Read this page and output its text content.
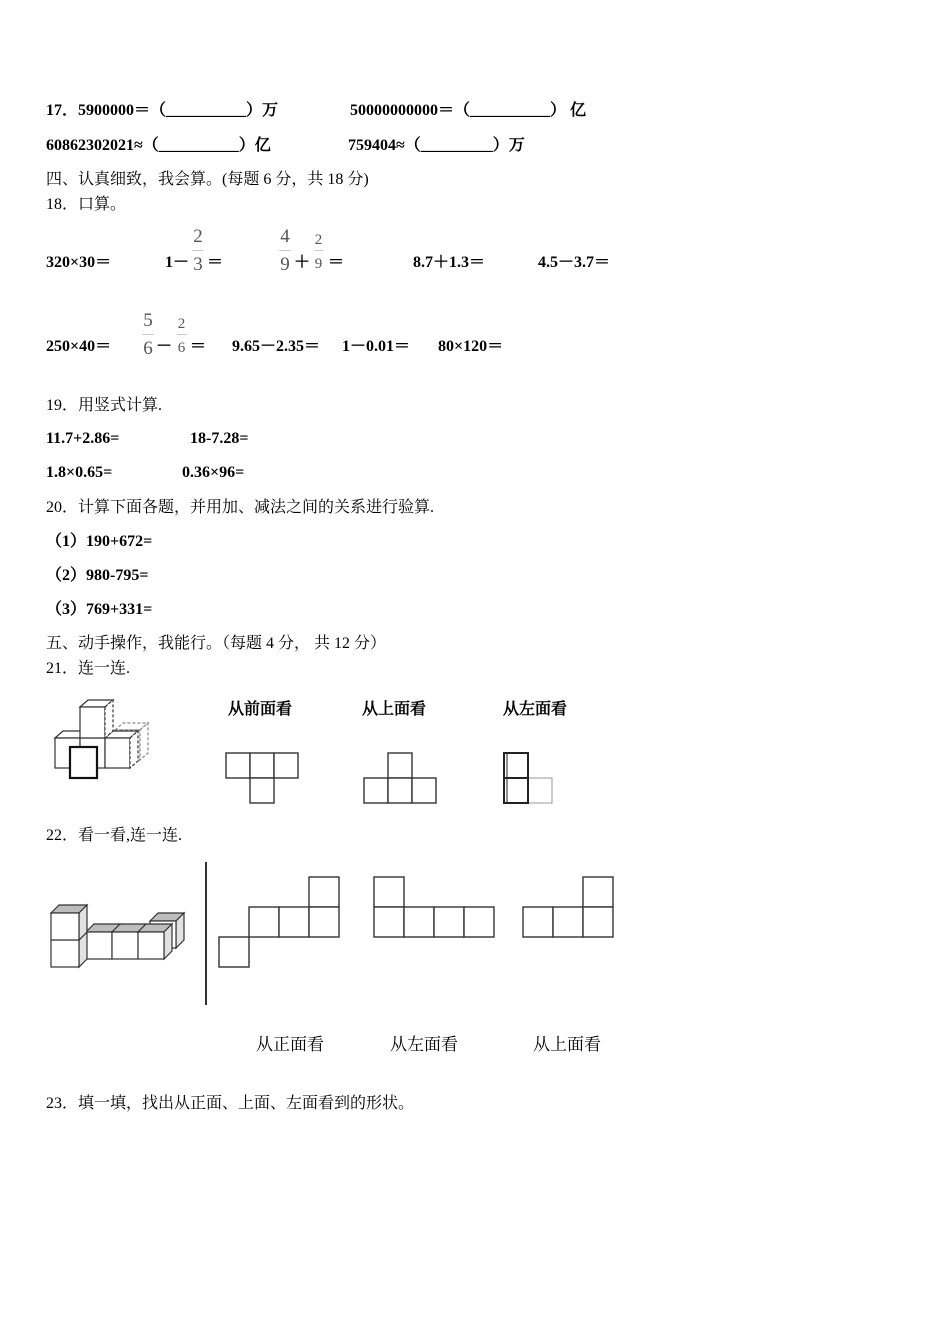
17．5900000＝（__________）万	50000000000＝（__________） 亿
60862302021≈（__________）亿	759404≈（_________）万
四、认真细致，我会算。(每题 6 分，共 18 分)
18．口算。
320×30＝	1－
2
3 ＝
4
9 ＋
2
9 ＝	8.7＋1.3＝	4.5－3.7＝
250×40＝
5
6 －
2
6 ＝ 9.65－2.35＝ 1－0.01＝ 80×120＝
19．用竖式计算.
11.7+2.86=	18-7.28=
1.8×0.65=	0.36×96=
20．计算下面各题，并用加、减法之间的关系进行验算.
（1）190+672=
（2）980-795=
（3）769+331=
五、动手操作，我能行。（每题 4 分， 共 12 分）
21．连一连.
从前面看	从上面看	从左面看
22．看一看,连一连.
从正面看	从左面看	从上面看
23．填一填，找出从正面、上面、左面看到的形状。
